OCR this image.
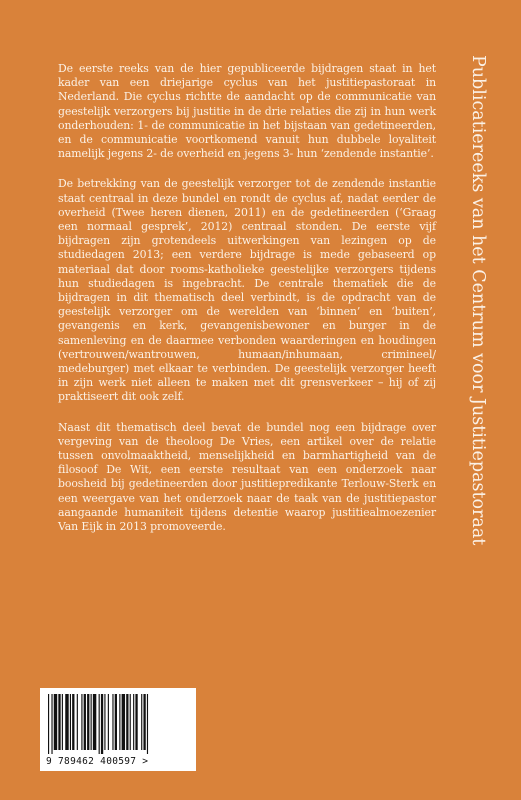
De eerste reeks van de hier gepubliceerde bijdragen staat in het kader van een driejarige cyclus van het justitiepastoraat in Nederland. Die cyclus richtte de aandacht op de communicatie van geestelijk verzorgers bij justitie in de drie relaties die zij in hun werk onderhouden: 1- de communicatie in het bijstaan van gedetineerden, en de communicatie voortkomend vanuit hun dubbele loyaliteit namelijk jegens 2- de overheid en jegens 3- hun ‘zendende instantie’.

De betrekking van de geestelijk verzorger tot de zendende instantie staat centraal in deze bundel en rondt de cyclus af, nadat eerder de overheid (Twee heren dienen, 2011) en de gedetineerden (‘Graag een normaal gesprek’, 2012) centraal stonden. De eerste vijf bijdragen zijn grotendeels uitwerkingen van lezingen op de studiedagen 2013; een verdere bijdrage is mede gebaseerd op materiaal dat door rooms-katholieke geestelijke verzorgers tijdens hun studiedagen is ingebracht. De centrale thematiek die de bijdragen in dit thematisch deel verbindt, is de opdracht van de geestelijk verzorger om de werelden van ‘binnen’ en ‘buiten’, gevangenis en kerk, gevangenisbewoner en burger in de samenleving en de daarmee verbonden waarderingen en houdingen (vertrouwen/wantrouwen, humaan/inhumaan, crimineel/ medeburger) met elkaar te verbinden. De geestelijk verzorger heeft in zijn werk niet alleen te maken met dit grensverkeer – hij of zij praktiseert dit ook zelf.

Naast dit thematisch deel bevat de bundel nog een bijdrage over vergeving van de theoloog De Vries, een artikel over de relatie tussen onvolmaaktheid, menselijkheid en barmhartigheid van de filosoof De Wit, een eerste resultaat van een onderzoek naar boosheid bij gedetineerden door justitiepredikante Terlouw-Sterk en een weergave van het onderzoek naar de taak van de justitiepastor aangaande humaniteit tijdens detentie waarop justitiealmoezenier Van Eijk in 2013 promoveerde.	Publicatiereeks van het Centrum voor Justitiepastoraat
9 789462 400597 >
